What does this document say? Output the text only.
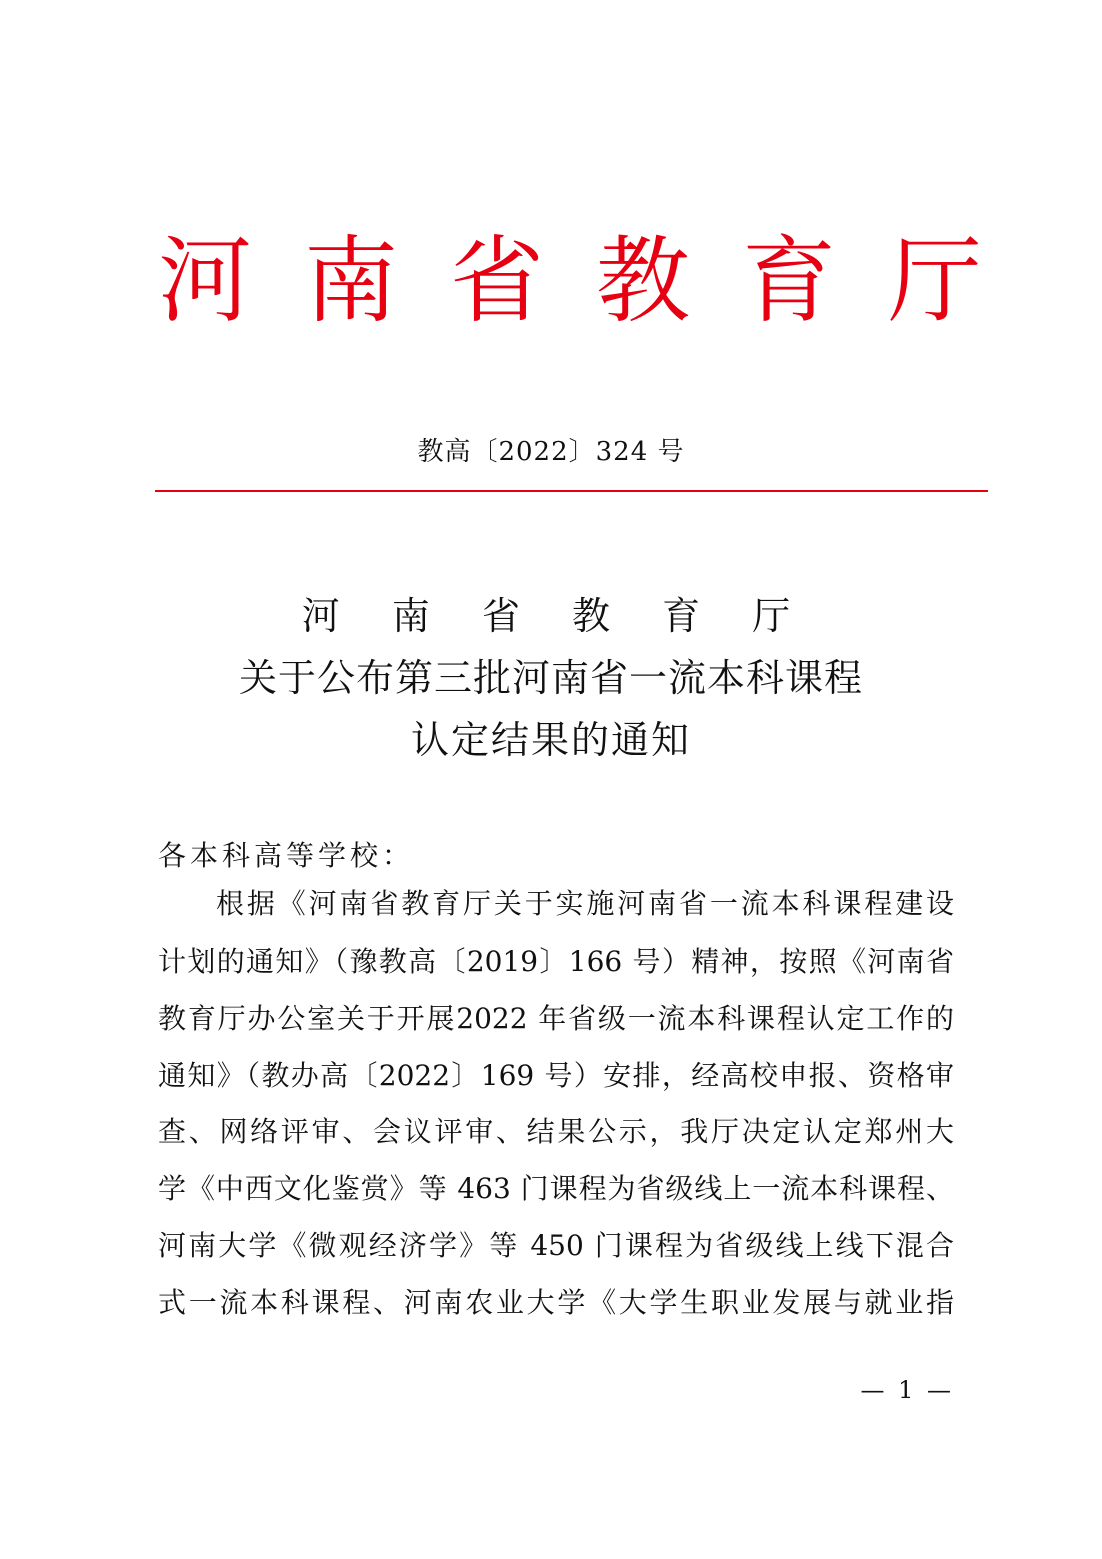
河 南 省 教 育 厅
教高〔2022〕324 号
河 南 省 教 育 厅
关于公布第三批河南省一流本科课程
认定结果的通知
各本科高等学校：
根据《河南省教育厅关于实施河南省一流本科课程建设
计划的通知》（豫教高〔2019〕166 号）精神，按照《河南省
教育厅办公室关于开展2022 年省级一流本科课程认定工作的
通知》（教办高〔2022〕169 号）安排，经高校申报、资格审
查、网络评审、会议评审、结果公示，我厅决定认定郑州大
学《中西文化鉴赏》等 463 门课程为省级线上一流本科课程、
河南大学《微观经济学》等 450 门课程为省级线上线下混合
式一流本科课程、河南农业大学《大学生职业发展与就业指
— 1 —
